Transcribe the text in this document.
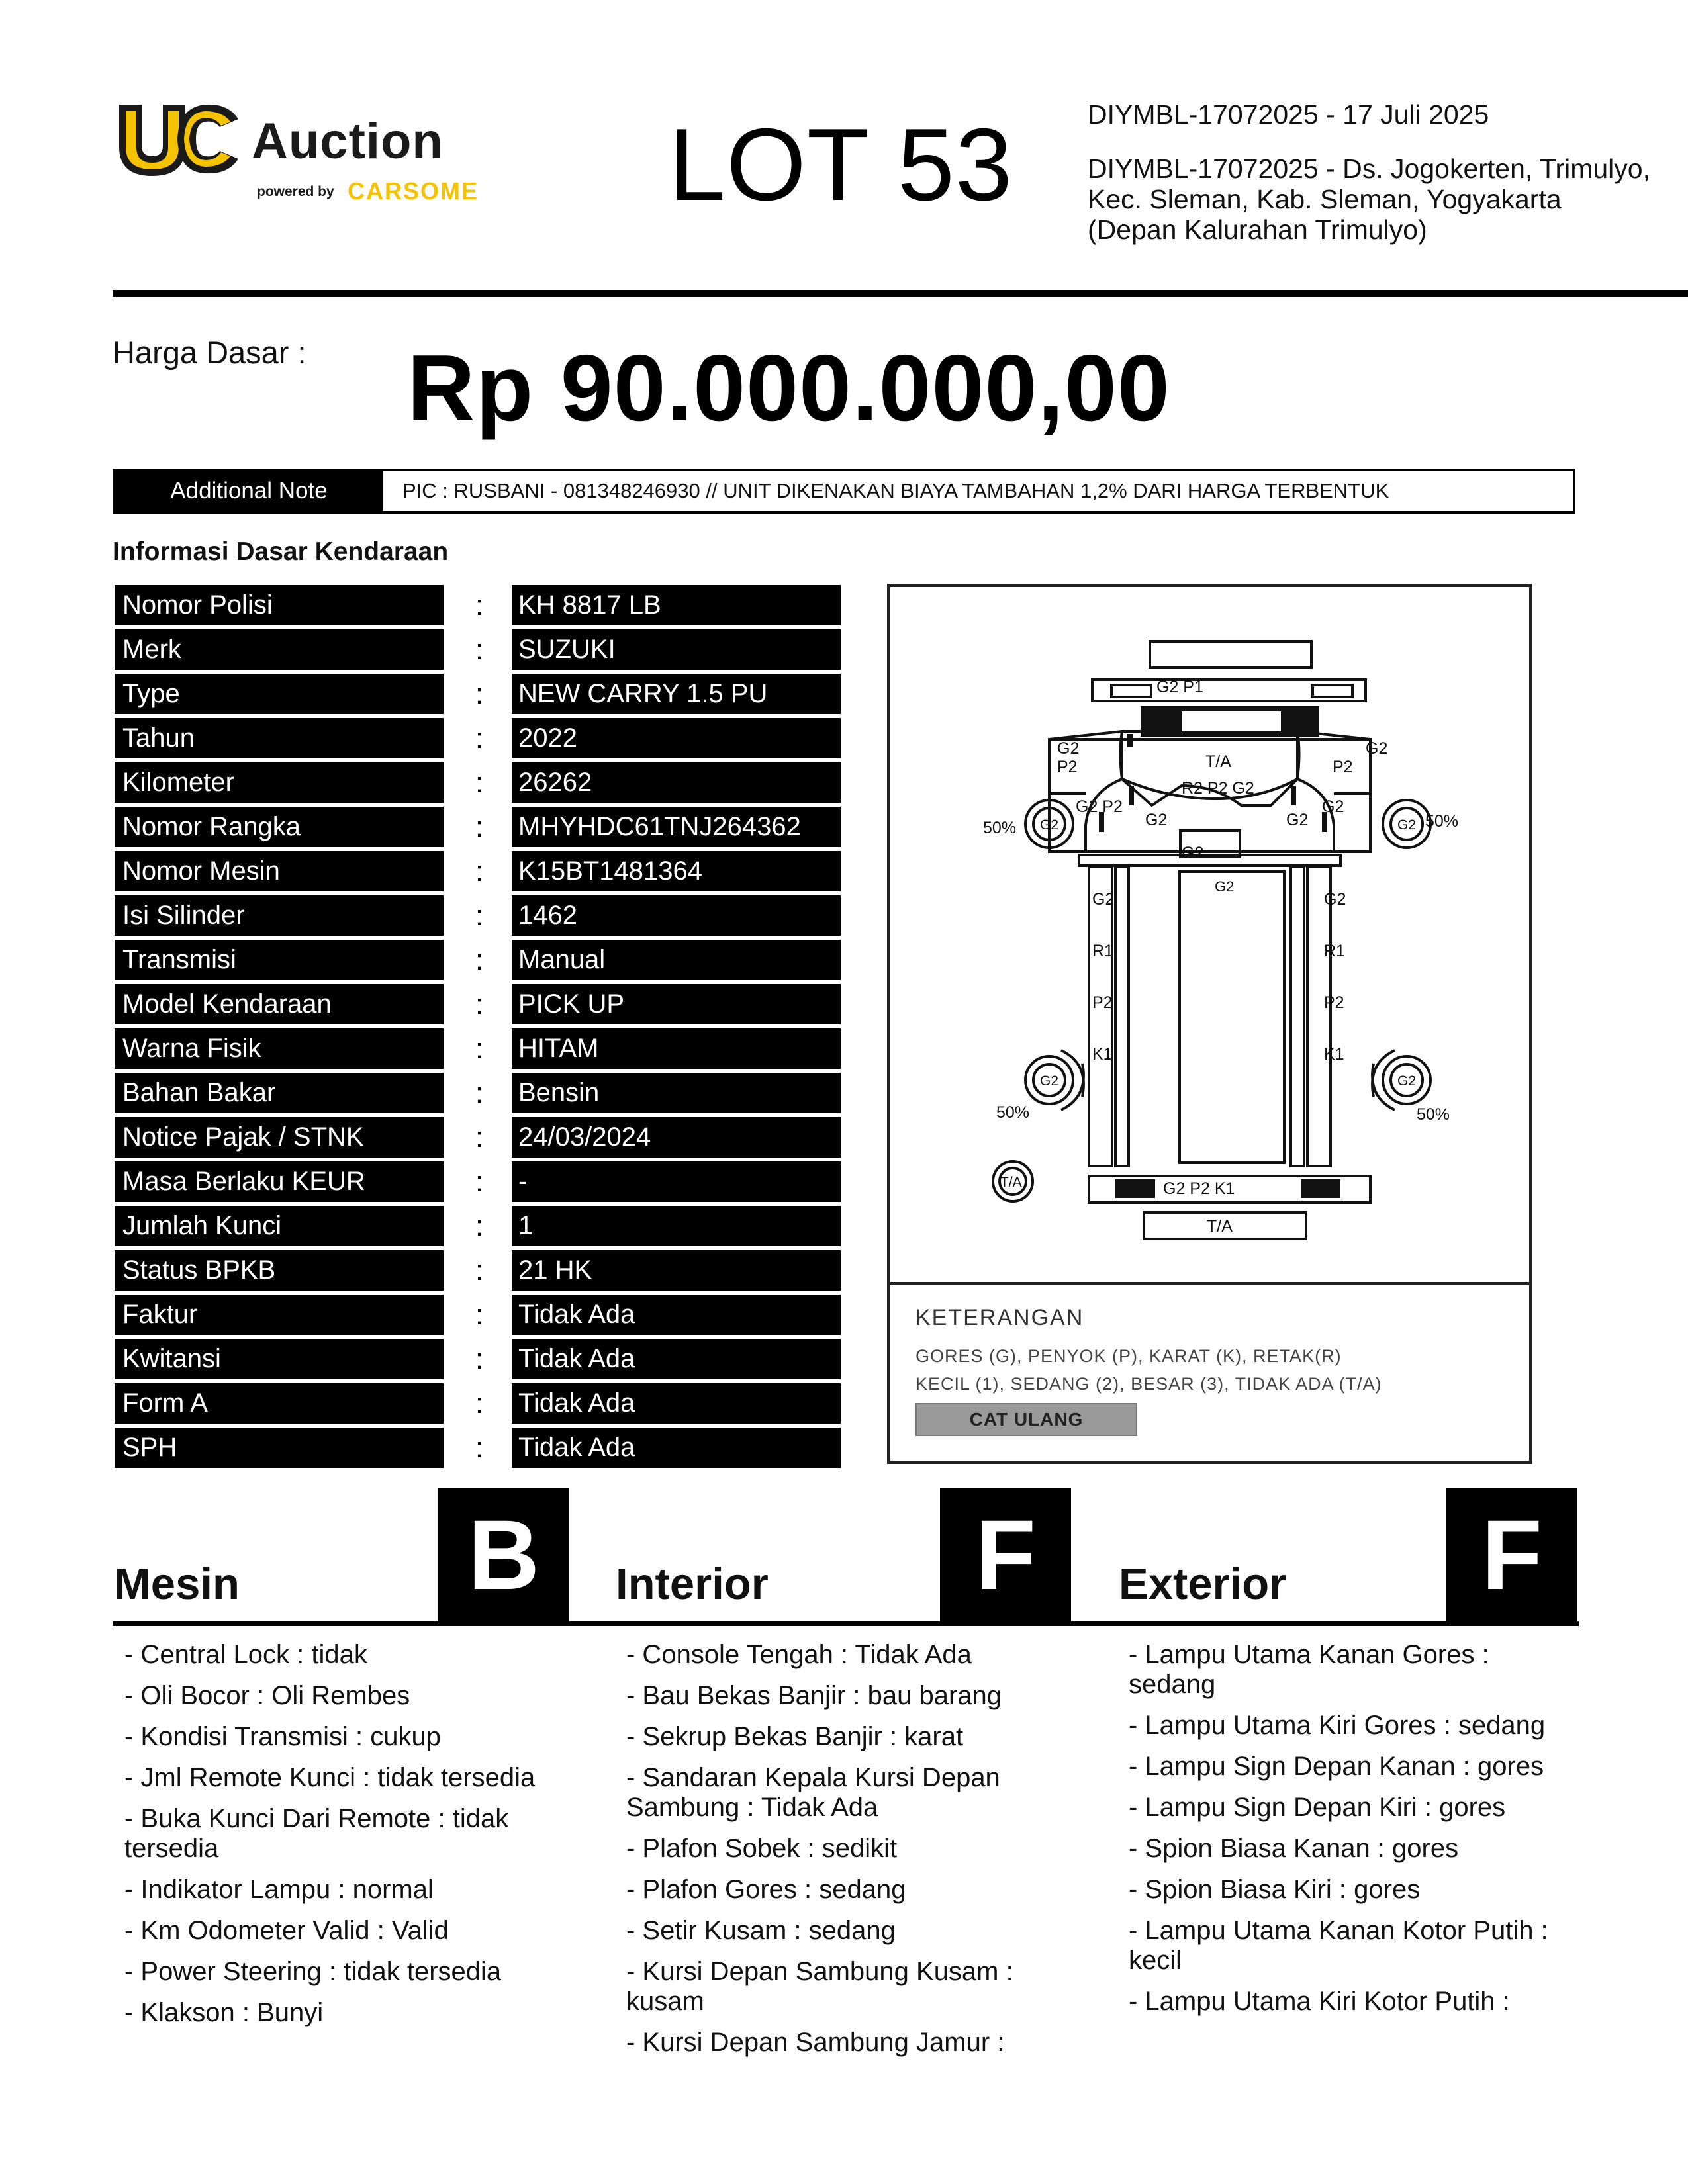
Auction
powered by CARSOME LOT 53	DIYMBL-17072025 - 17 Juli 2025
DIYMBL-17072025 - Ds. Jogokerten, Trimulyo, Kec. Sleman, Kab. Sleman, Yogyakarta
(Depan Kalurahan Trimulyo)
Harga Dasar : Rp 90.000.000,00
Additional Note	PIC : RUSBANI - 081348246930 // UNIT DIKENAKAN BIAYA TAMBAHAN 1,2% DARI HARGA TERBENTUK
Informasi Dasar Kendaraan
Nomor Polisi	: KH 8817 LB
Merk	: SUZUKI
Type	: NEW CARRY 1.5 PU
Tahun	: 2022
Kilometer	: 26262
Nomor Rangka	: MHYHDC61TNJ264362
Nomor Mesin	: K15BT1481364
Isi Silinder	: 1462
Transmisi	: Manual
Model Kendaraan	: PICK UP
Warna Fisik	: HITAM
Bahan Bakar	: Bensin
Notice Pajak / STNK	: 24/03/2024
Masa Berlaku KEUR	: -
Jumlah Kunci	: 1
Status BPKB	: 21 HK
Faktur	: Tidak Ada
Kwitansi	: Tidak Ada
Form A	: Tidak Ada
SPH	: Tidak Ada
G2 P1
T/A
R2 P2 G2
G2
P2
G2 P2
G2
P2
G2
G2	G2
G2
G2
G2
R1
P2
K1
G2
R1
P2
K1
G2	G2
G2	G2
50%	50%
50%	50%
T/A	G2 P2 K1
T/A
KETERANGAN
GORES (G), PENYOK (P), KARAT (K), RETAK(R)
KECIL (1), SEDANG (2), BESAR (3), TIDAK ADA (T/A)
CAT ULANG
Mesin B	Interior	F	Exterior	F
- Central Lock : tidak
- Oli Bocor : Oli Rembes
- Kondisi Transmisi : cukup
- Jml Remote Kunci : tidak tersedia
- Buka Kunci Dari Remote : tidak tersedia
- Indikator Lampu : normal
- Km Odometer Valid : Valid
- Power Steering : tidak tersedia
- Klakson : Bunyi
- Console Tengah : Tidak Ada
- Bau Bekas Banjir : bau barang
- Sekrup Bekas Banjir : karat
- Sandaran Kepala Kursi Depan Sambung : Tidak Ada
- Plafon Sobek : sedikit
- Plafon Gores : sedang
- Setir Kusam : sedang
- Kursi Depan Sambung Kusam : kusam
- Kursi Depan Sambung Jamur :
- Lampu Utama Kanan Gores : sedang
- Lampu Utama Kiri Gores : sedang
- Lampu Sign Depan Kanan : gores
- Lampu Sign Depan Kiri : gores
- Spion Biasa Kanan : gores
- Spion Biasa Kiri : gores
- Lampu Utama Kanan Kotor Putih : kecil
- Lampu Utama Kiri Kotor Putih :
